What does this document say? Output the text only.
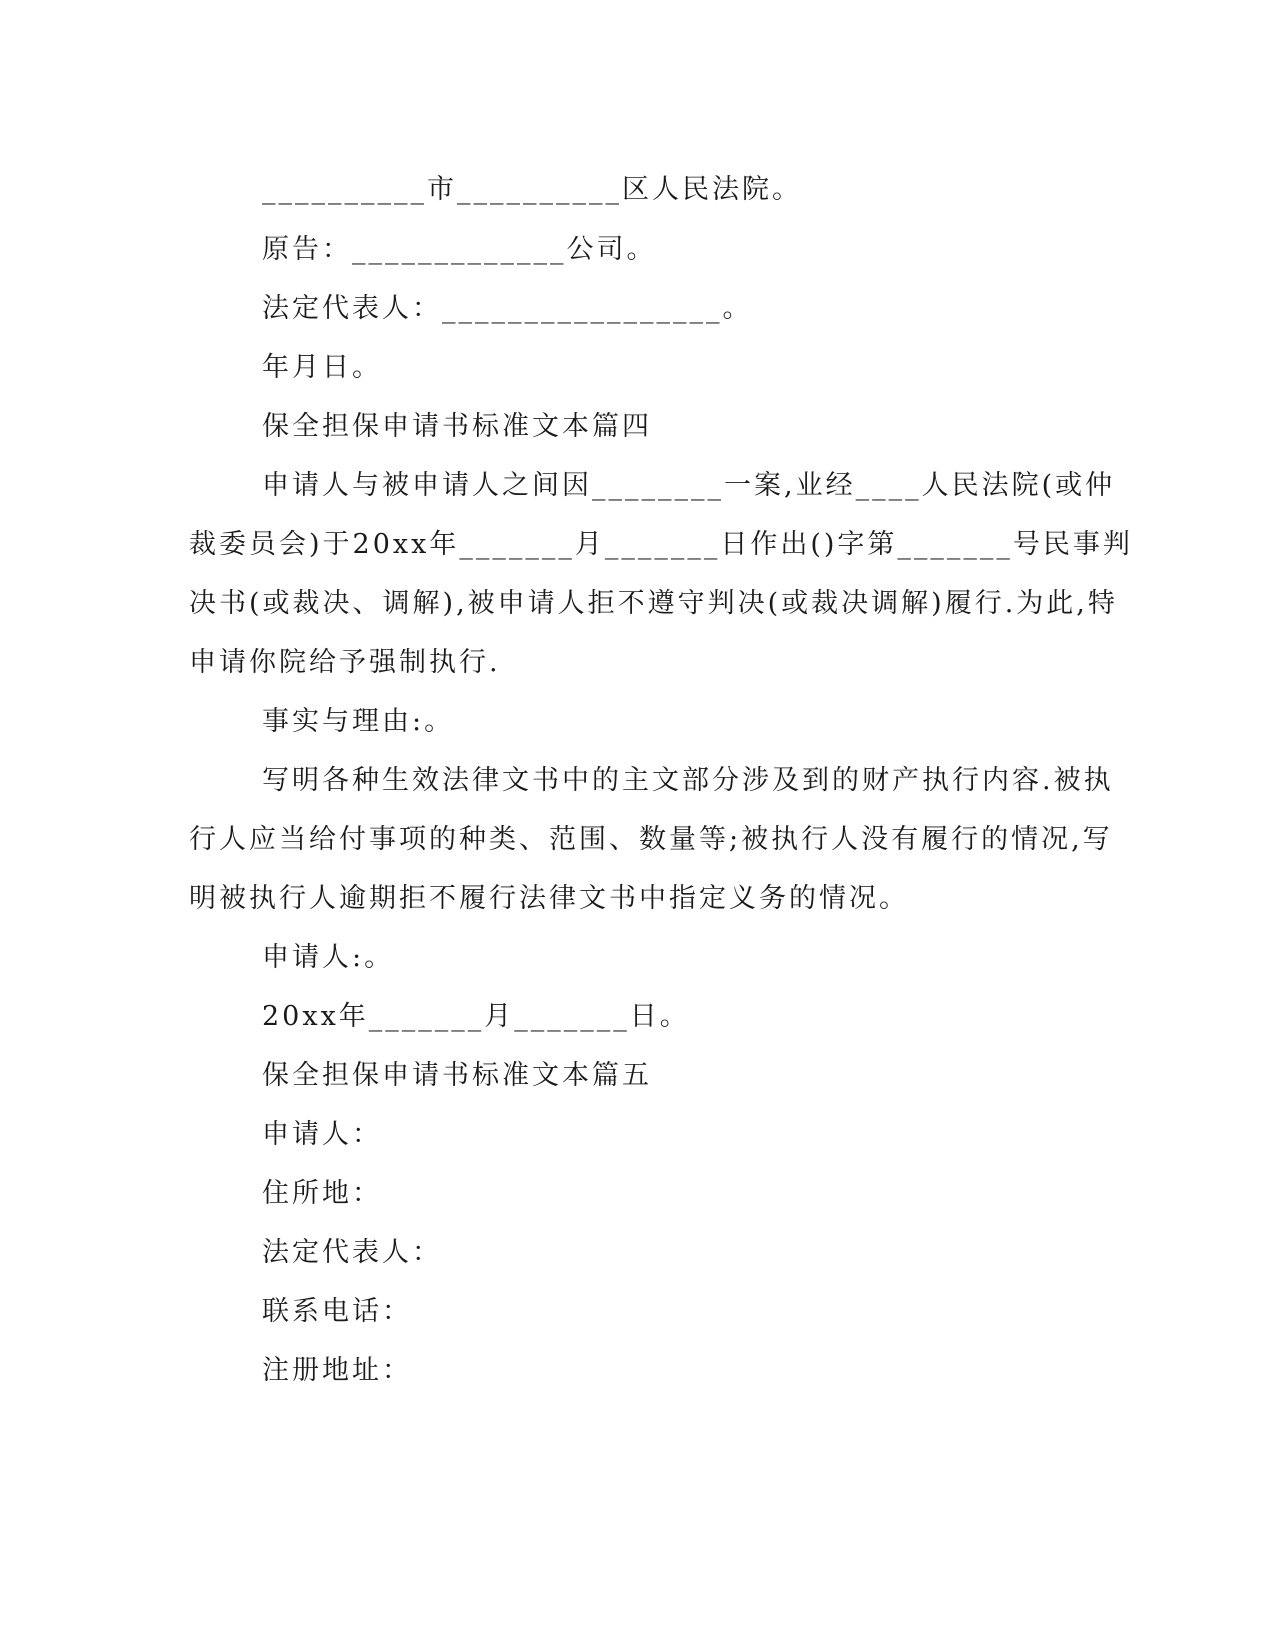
__________市__________区人民法院。
原告：_____________公司。
法定代表人：_________________。
年月日。
保全担保申请书标准文本篇四
申请人与被申请人之间因________一案,业经____人民法院(或仲
裁委员会)于20xx年_______月_______日作出()字第_______号民事判
决书(或裁决、调解),被申请人拒不遵守判决(或裁决调解)履行.为此,特
申请你院给予强制执行.
事实与理由:。
写明各种生效法律文书中的主文部分涉及到的财产执行内容.被执
行人应当给付事项的种类、范围、数量等;被执行人没有履行的情况,写
明被执行人逾期拒不履行法律文书中指定义务的情况。
申请人:。
20xx年_______月_______日。
保全担保申请书标准文本篇五
申请人：
住所地：
法定代表人：
联系电话：
注册地址：
